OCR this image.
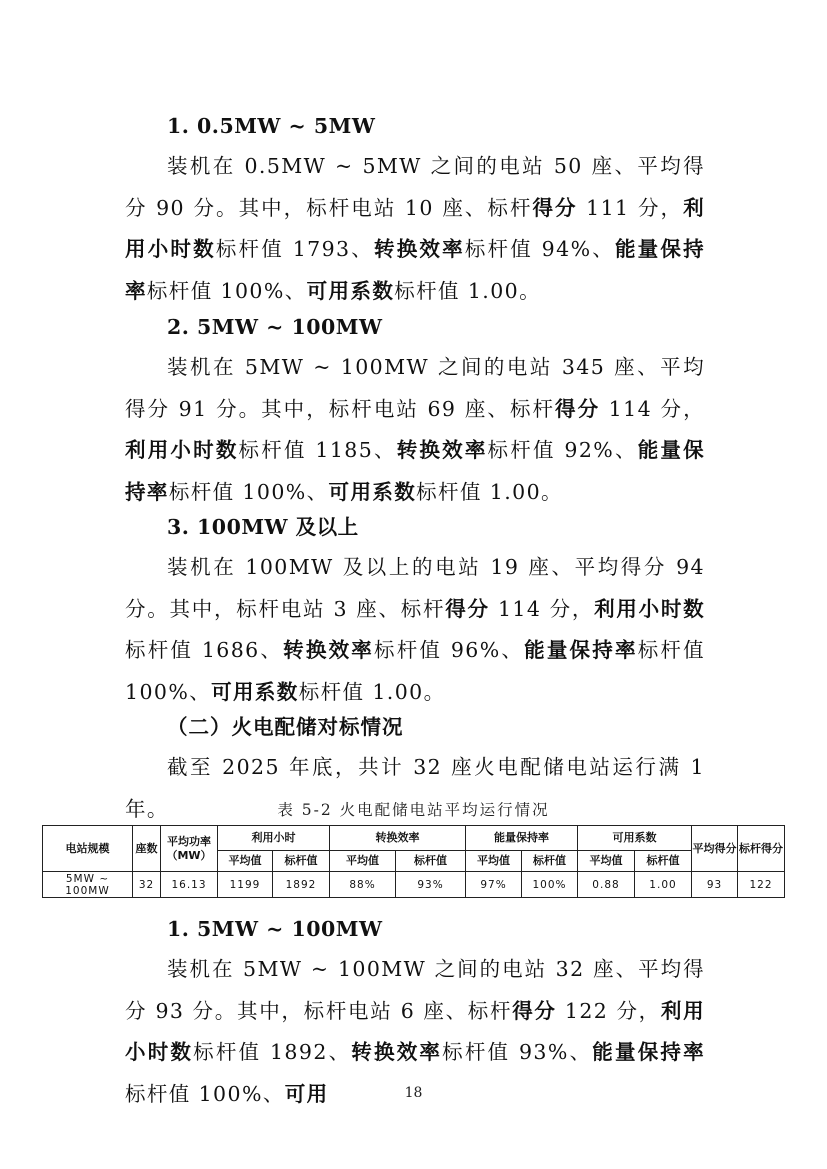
1. 0.5MW ~ 5MW
装机在 0.5MW ~ 5MW 之间的电站 50 座、平均得分 90 分。其中，标杆电站 10 座、标杆得分 111 分，利用小时数标杆值 1793、转换效率标杆值 94%、能量保持率标杆值 100%、可用系数标杆值 1.00。
2. 5MW ~ 100MW
装机在 5MW ~ 100MW 之间的电站 345 座、平均得分 91 分。其中，标杆电站 69 座、标杆得分 114 分，利用小时数标杆值 1185、转换效率标杆值 92%、能量保持率标杆值 100%、可用系数标杆值 1.00。
3. 100MW 及以上
装机在 100MW 及以上的电站 19 座、平均得分 94 分。其中，标杆电站 3 座、标杆得分 114 分，利用小时数标杆值 1686、转换效率标杆值 96%、能量保持率标杆值 100%、可用系数标杆值 1.00。
（二）火电配储对标情况
截至 2025 年底，共计 32 座火电配储电站运行满 1 年。	表 5-2 火电配储电站平均运行情况
电站规模	座数	平均功率（MW）	利用小时		转换效率		能量保持率		可用系数		平均得分	标杆得分
			平均值	标杆值	平均值	标杆值	平均值	标杆值	平均值	标杆值		
5MW ~ 100MW	32	16.13	1199	1892	88%	93%	97%	100%	0.88	1.00	93	122
1. 5MW ~ 100MW
装机在 5MW ~ 100MW 之间的电站 32 座、平均得分 93 分。其中，标杆电站 6 座、标杆得分 122 分，利用小时数标杆值 1892、转换效率标杆值 93%、能量保持率标杆值 100%、可用	18
